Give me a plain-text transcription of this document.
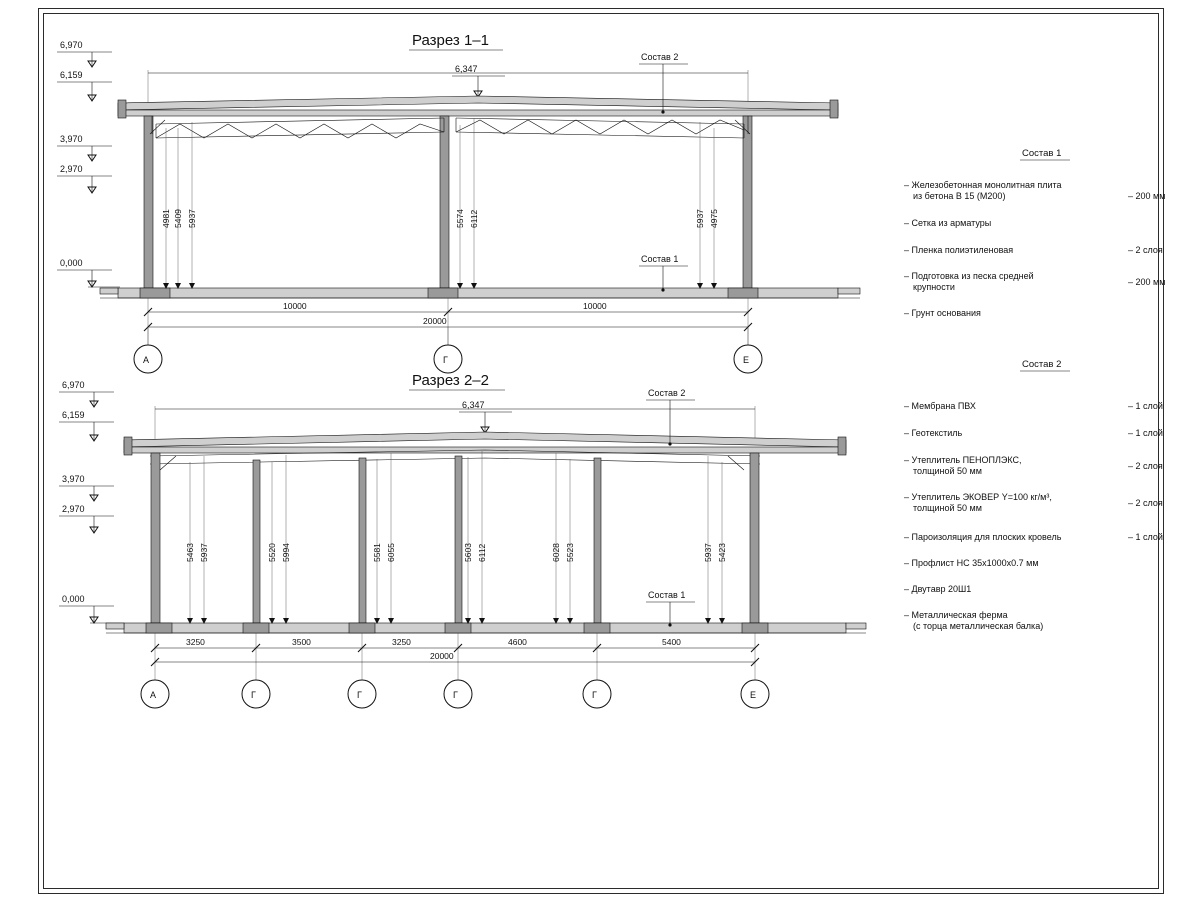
Разрез 1–1
6,970
6,159
3,970
2,970
0,000
6,347
4981 5409 5937	5574 6112	5937 4975
Состав 2
Состав 1
10000
20000
10000
А	Г	Е
Разрез 2–2
6,970
6,159
3,970
2,970
0,000
6,347
5463 5937	5520 5994	5581 6055	5603 6112	6028 5523	5937 5423
Состав 2
Состав 1
3250	3500	3250	4600	5400
20000
А	Г	Г	Г	Г	Е
Состав 1
– Железобетонная монолитная плита
из бетона В 15 (М200)	– 200 мм
– Сетка из арматуры
– Пленка полиэтиленовая	– 2 слоя
– Подготовка из песка средней
крупности	– 200 мм
– Грунт основания
Состав 2
– Мембрана ПВХ	– 1 слой
– Геотекстиль	– 1 слой
– Утеплитель ПЕНОПЛЭКС,
толщиной 50 мм	– 2 слоя
– Утеплитель ЭКОВЕР Y=100 кг/м³,
толщиной 50 мм	– 2 слоя
– Пароизоляция для плоских кровель	– 1 слой
– Профлист НС 35х1000х0.7 мм
– Двутавр 20Ш1
– Металлическая ферма
(с торца металлическая балка)
